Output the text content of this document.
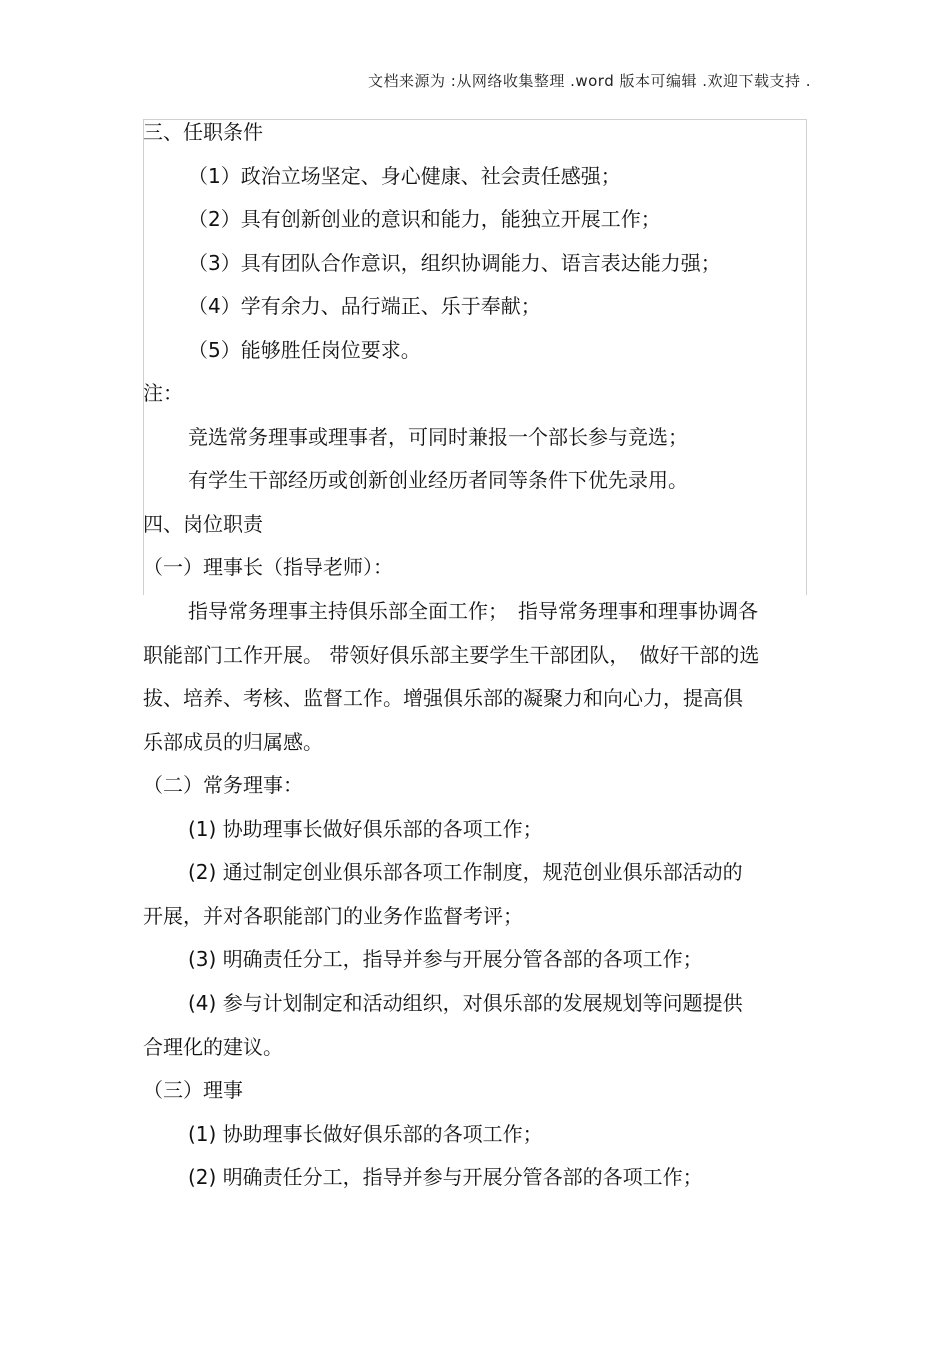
文档来源为 :从网络收集整理 .word 版本可编辑 .欢迎下载支持 .
三、任职条件
（1）政治立场坚定、身心健康、社会责任感强；
（2）具有创新创业的意识和能力，能独立开展工作；
（3）具有团队合作意识，组织协调能力、语言表达能力强；
（4）学有余力、品行端正、乐于奉献；
（5）能够胜任岗位要求。
注：
竞选常务理事或理事者，可同时兼报一个部长参与竞选；
有学生干部经历或创新创业经历者同等条件下优先录用。
四、岗位职责
（一）理事长（指导老师）：
指导常务理事主持俱乐部全面工作；　指导常务理事和理事协调各
职能部门工作开展。 带领好俱乐部主要学生干部团队，　做好干部的选
拔、培养、考核、监督工作。增强俱乐部的凝聚力和向心力，提高俱
乐部成员的归属感。
（二）常务理事：
(1) 协助理事长做好俱乐部的各项工作；
(2) 通过制定创业俱乐部各项工作制度，规范创业俱乐部活动的
开展，并对各职能部门的业务作监督考评；
(3) 明确责任分工，指导并参与开展分管各部的各项工作；
(4) 参与计划制定和活动组织，对俱乐部的发展规划等问题提供
合理化的建议。
（三）理事
(1) 协助理事长做好俱乐部的各项工作；
(2) 明确责任分工，指导并参与开展分管各部的各项工作；
